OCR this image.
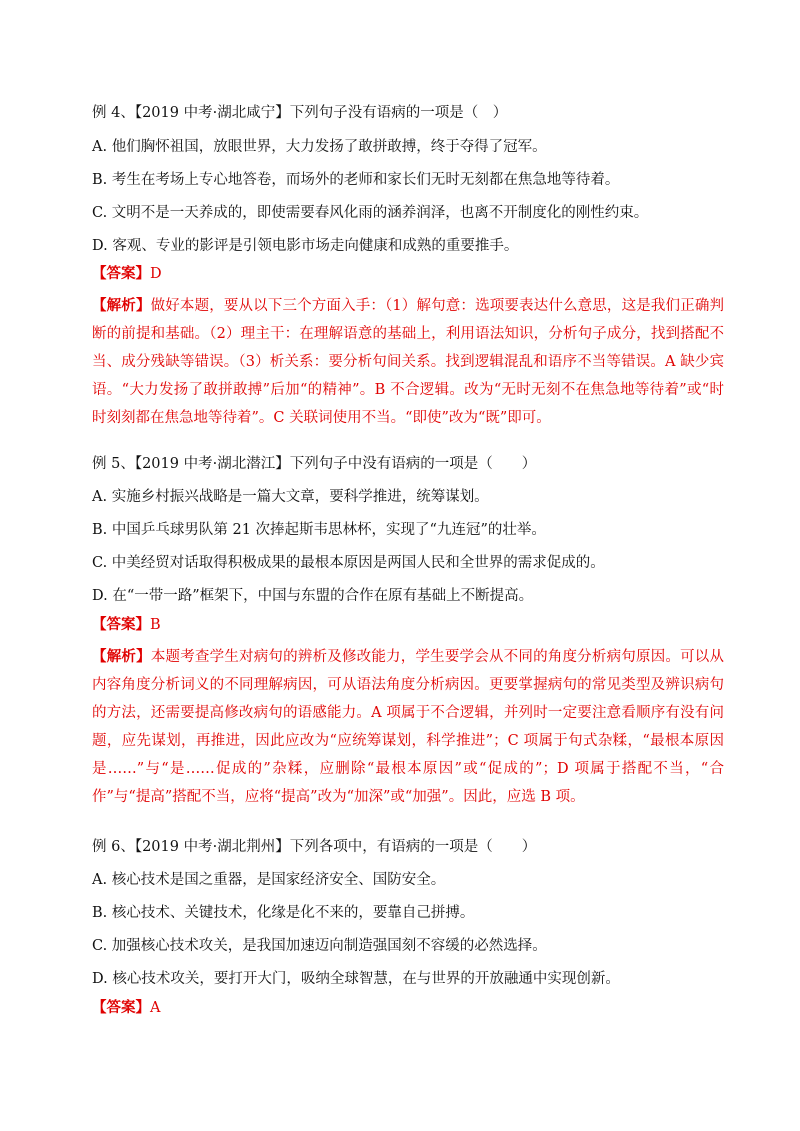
例 4、【2019 中考·湖北咸宁】下列句子没有语病的一项是（　）
A. 他们胸怀祖国，放眼世界，大力发扬了敢拼敢搏，终于夺得了冠军。
B. 考生在考场上专心地答卷，而场外的老师和家长们无时无刻都在焦急地等待着。
C. 文明不是一天养成的，即使需要春风化雨的涵养润泽，也离不开制度化的刚性约束。
D. 客观、专业的影评是引领电影市场走向健康和成熟的重要推手。
【答案】D
【解析】做好本题，要从以下三个方面入手：（1）解句意：选项要表达什么意思，这是我们正确判断的前提和基础。（2）理主干：在理解语意的基础上，利用语法知识，分析句子成分，找到搭配不当、成分残缺等错误。（3）析关系：要分析句间关系。找到逻辑混乱和语序不当等错误。A 缺少宾语。“大力发扬了敢拼敢搏”后加“的精神”。B 不合逻辑。改为“无时无刻不在焦急地等待着”或“时时刻刻都在焦急地等待着”。C 关联词使用不当。“即使”改为“既”即可。
例 5、【2019 中考·湖北潜江】下列句子中没有语病的一项是（　　）
A. 实施乡村振兴战略是一篇大文章，要科学推进，统筹谋划。
B. 中国乒乓球男队第 21 次捧起斯韦思林杯，实现了“九连冠”的壮举。
C. 中美经贸对话取得积极成果的最根本原因是两国人民和全世界的需求促成的。
D. 在“一带一路”框架下，中国与东盟的合作在原有基础上不断提高。
【答案】B
【解析】本题考查学生对病句的辨析及修改能力，学生要学会从不同的角度分析病句原因。可以从内容角度分析词义的不同理解病因，可从语法角度分析病因。更要掌握病句的常见类型及辨识病句的方法，还需要提高修改病句的语感能力。A 项属于不合逻辑，并列时一定要注意看顺序有没有问题，应先谋划，再推进，因此应改为“应统筹谋划，科学推进”；C 项属于句式杂糅，“最根本原因是……”与“是……促成的”杂糅，应删除“最根本原因”或“促成的”；D 项属于搭配不当，“合作”与“提高”搭配不当，应将“提高”改为“加深”或“加强”。因此，应选 B 项。
例 6、【2019 中考·湖北荆州】下列各项中，有语病的一项是（　　）
A. 核心技术是国之重器，是国家经济安全、国防安全。
B. 核心技术、关键技术，化缘是化不来的，要靠自己拼搏。
C. 加强核心技术攻关，是我国加速迈向制造强国刻不容缓的必然选择。
D. 核心技术攻关，要打开大门，吸纳全球智慧，在与世界的开放融通中实现创新。
【答案】A
